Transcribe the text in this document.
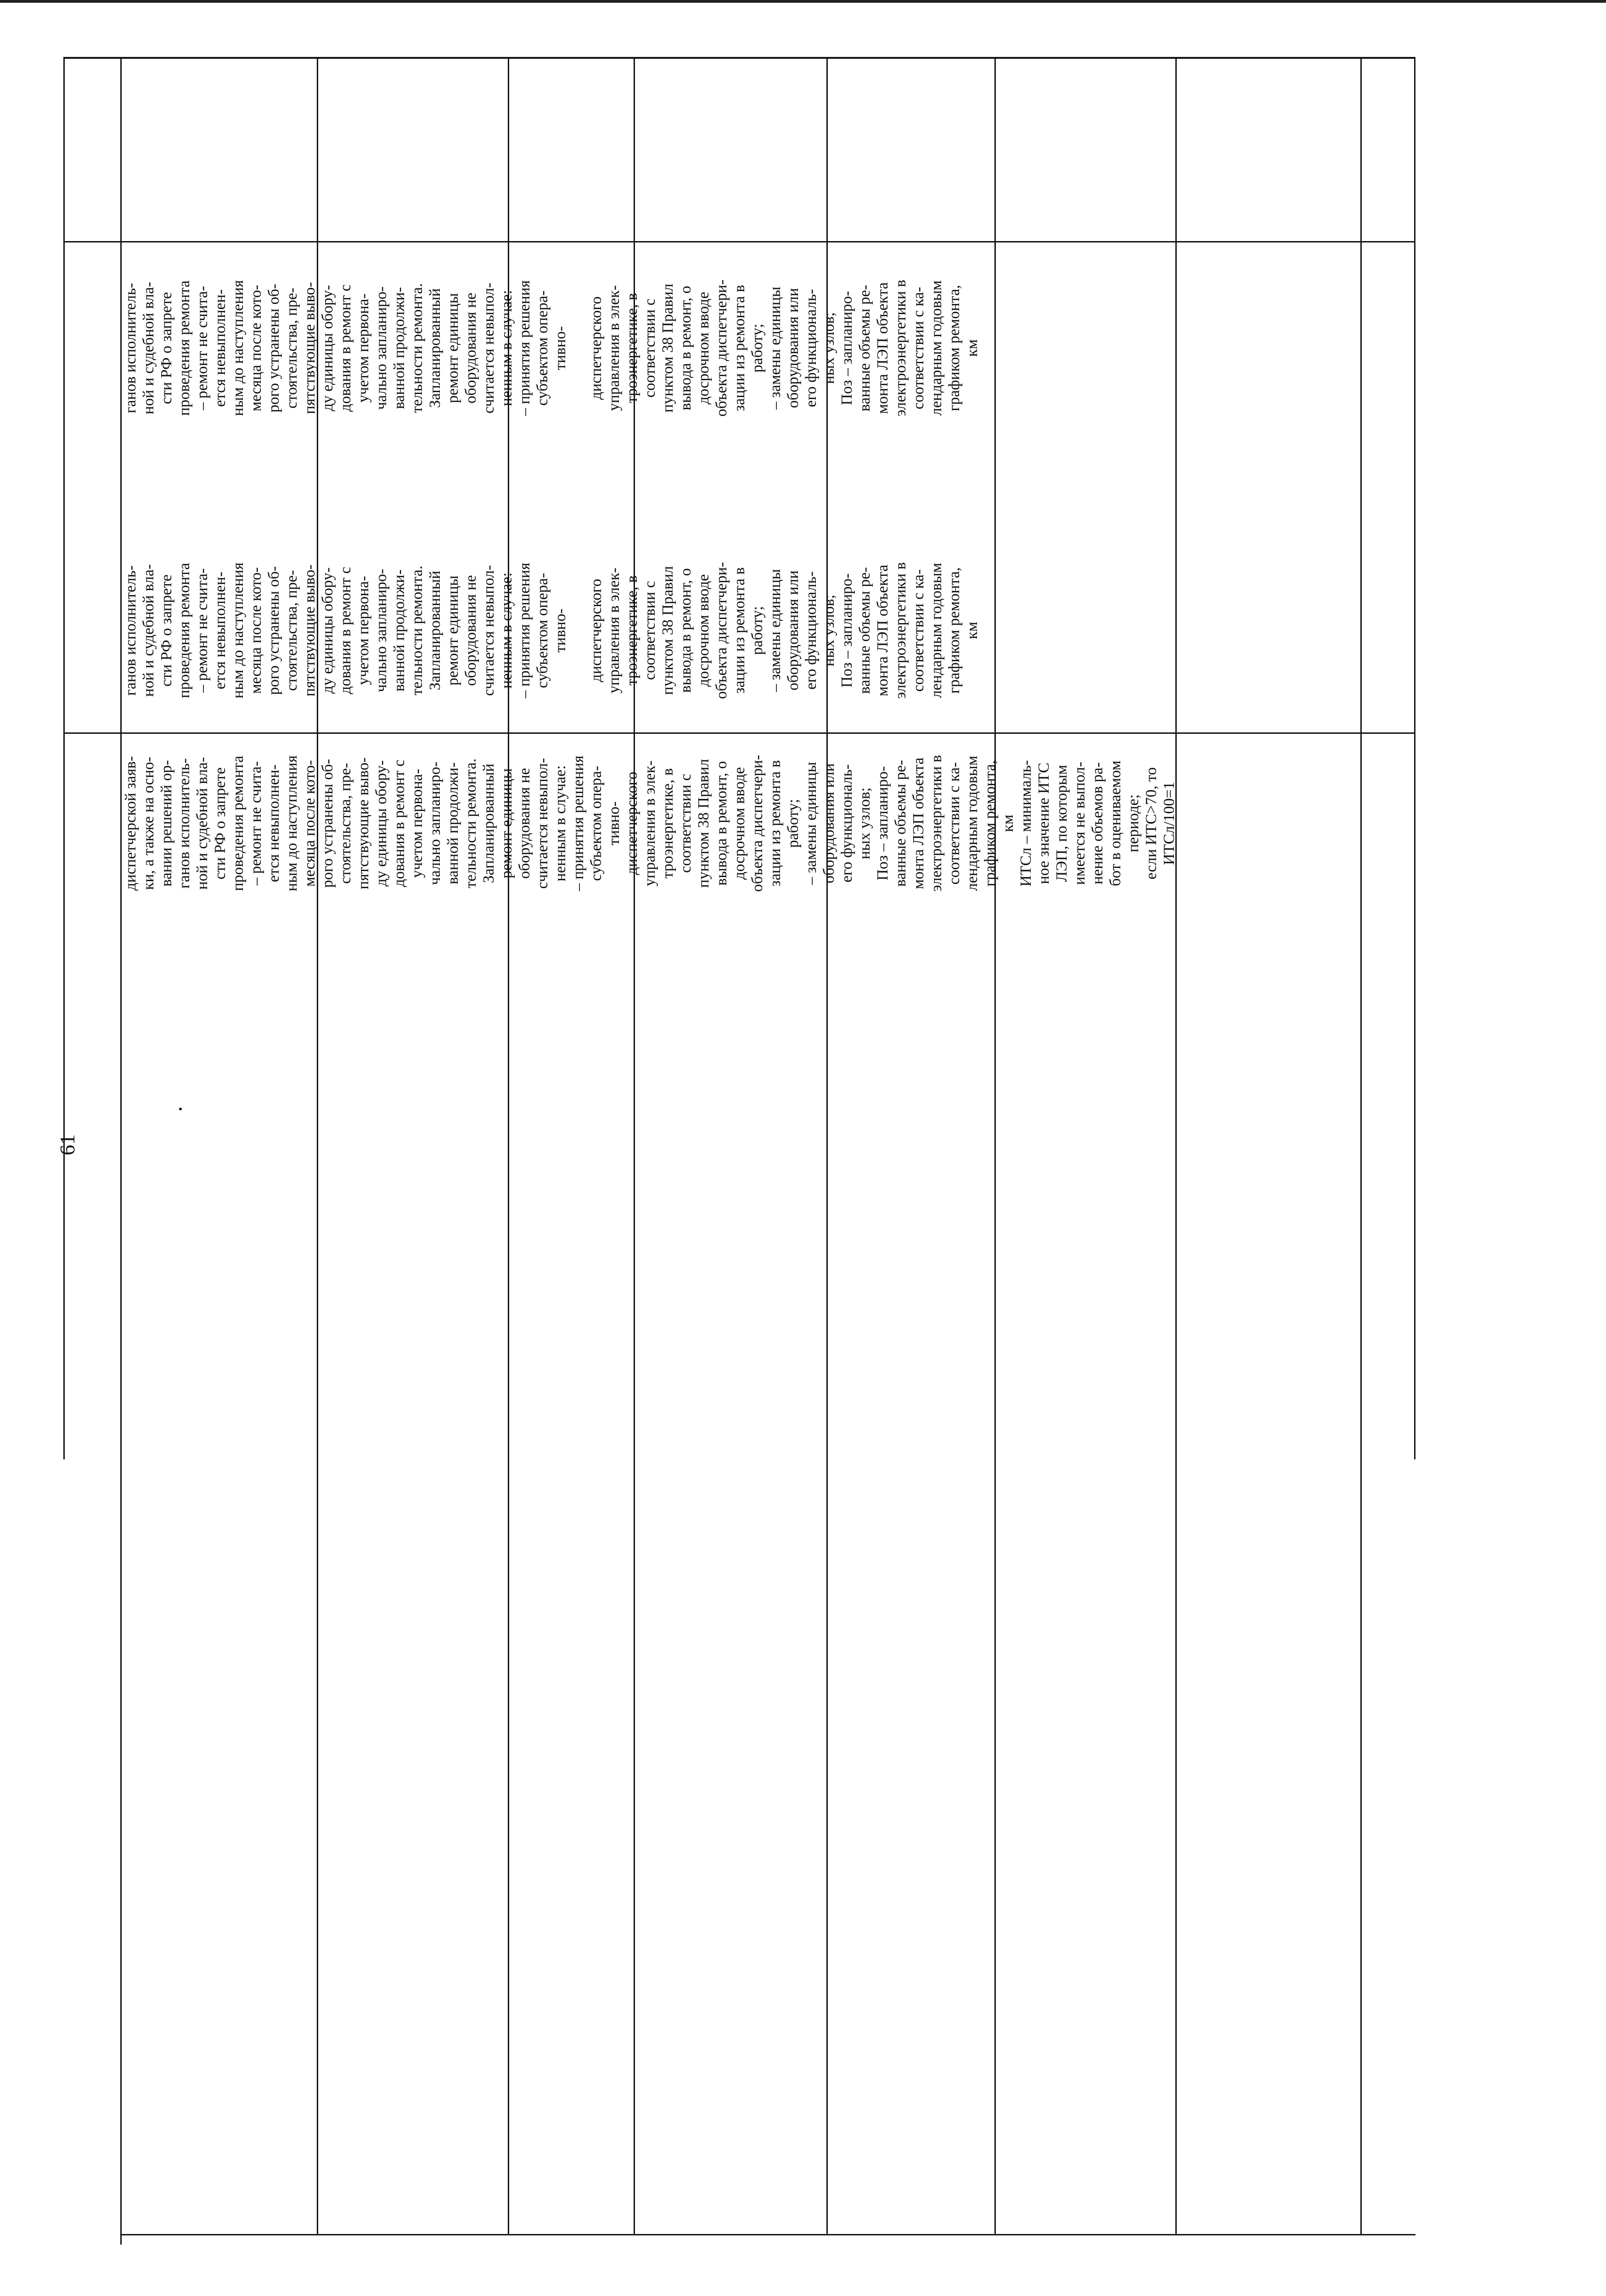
ганов исполнитель- ной и судебной вла- сти РФ о запрете проведения ремонта – ремонт не счита- ется невыполнен- ным до наступления месяца после кото- рого устранены об- стоятельства, пре- пятствующие выво- ду единицы обору- дования в ремонт с учетом первона- чально запланиро- ванной продолжи- тельности ремонта. Запланированный ремонт единицы оборудования не считается невыпол- ненным в случае: – принятия решения субъектом опера- тивно-
диспетчерского управления в элек- троэнергетике, в соответствии с пунктом 38 Правил вывода в ремонт, о досрочном вводе объекта диспетчери- зации из ремонта в работу; – замены единицы оборудования или его функциональ- ных узлов; Поз – запланиро- ванные объемы ре- монта ЛЭП объекта электроэнергетики в соответствии с ка- лендарным годовым графиком ремонта, км
диспетчерской заяв- ки, а также на осно- вании решений ор- ганов исполнитель- ной и судебной вла- сти РФ о запрете проведения ремонта – ремонт не счита- ется невыполнен- ным до наступления месяца после кото- рого устранены об- стоятельства, пре- пятствующие выво- ду единицы обору- дования в ремонт с учетом первона- чально запланиро- ванной продолжи- тельности ремонта. Запланированный ремонт единицы оборудования не считается невыпол- ненным в случае: – принятия решения субъектом опера- тивно- диспетчерского управления в элек- троэнергетике, в соответствии с пунктом 38 Правил вывода в ремонт, о досрочном вводе объекта диспетчери- зации из ремонта в работу; – замены единицы оборудования или его функциональ- ных узлов; Поз – запланиро- ванные объемы ре- монта ЛЭП объекта электроэнергетики в соответствии с ка- лендарным годовым графиком ремонта, км ИТСл – минималь- ное значение ИТС ЛЭП, по которым имеется не выпол- нение объемов ра- бот в оцениваемом периоде; если ИТС>70, то ИТСл/100=1
ганов исполнитель- ной и судебной вла- сти РФ о запрете проведения ремонта – ремонт не счита- ется невыполнен- ным до наступления месяца после кото- рого устранены об- стоятельства, пре- пятствующие выво- ду единицы обору- дования в ремонт с учетом первона- чально запланиро- ванной продолжи- тельности ремонта. Запланированный ремонт единицы оборудования не считается невыпол- ненным в случае: – принятия решения субъектом опера- тивно-
диспетчерского управления в элек- троэнергетике, в соответствии с пунктом 38 Правил вывода в ремонт, о досрочном вводе объекта диспетчери- зации из ремонта в работу; – замены единицы оборудования или его функциональ- ных узлов; Поз – запланиро- ванные объемы ре- монта ЛЭП объекта электроэнергетики в соответствии с ка- лендарным годовым графиком ремонта, км
61
